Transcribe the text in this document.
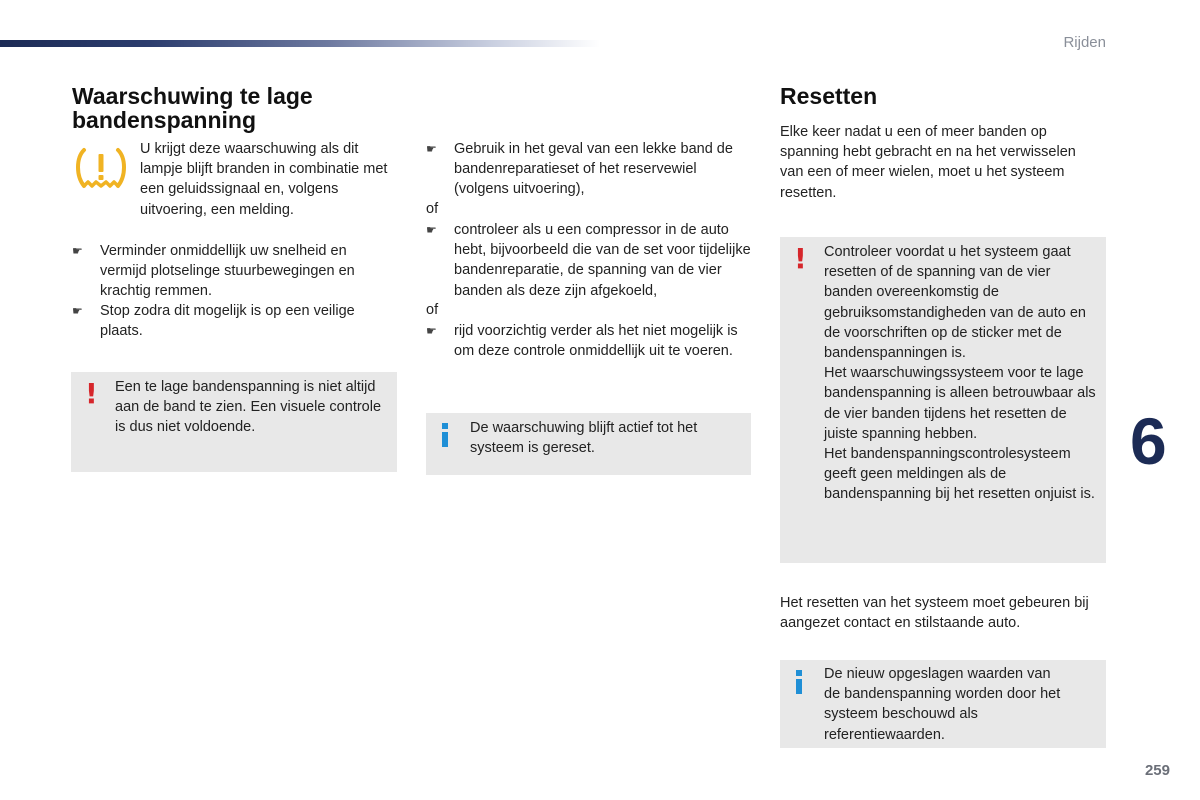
Rijden
6
259
Waarschuwing te lage bandenspanning
U krijgt deze waarschuwing als dit lampje blijft branden in combinatie met een geluidssignaal en, volgens uitvoering, een melding.
☛ Verminder onmiddellijk uw snelheid en vermijd plotselinge stuurbewegingen en krachtig remmen.
☛ Stop zodra dit mogelijk is op een veilige plaats.
! Een te lage bandenspanning is niet altijd aan de band te zien. Een visuele controle is dus niet voldoende.
☛ Gebruik in het geval van een lekke band de bandenreparatieset of het reservewiel (volgens uitvoering),
of
☛ controleer als u een compressor in de auto hebt, bijvoorbeeld die van de set voor tijdelijke bandenreparatie, de spanning van de vier banden als deze zijn afgekoeld,
of
☛ rijd voorzichtig verder als het niet mogelijk is om deze controle onmiddellijk uit te voeren.
De waarschuwing blijft actief tot het systeem is gereset.
Resetten
Elke keer nadat u een of meer banden op spanning hebt gebracht en na het verwisselen van een of meer wielen, moet u het systeem resetten.
! Controleer voordat u het systeem gaat resetten of de spanning van de vier banden overeenkomstig de gebruiksomstandigheden van de auto en de voorschriften op de sticker met de bandenspanningen is.
Het waarschuwingssysteem voor te lage bandenspanning is alleen betrouwbaar als de vier banden tijdens het resetten de juiste spanning hebben.
Het bandenspanningscontrolesysteem geeft geen meldingen als de bandenspanning bij het resetten onjuist is.
Het resetten van het systeem moet gebeuren bij aangezet contact en stilstaande auto.
De nieuw opgeslagen waarden van de bandenspanning worden door het systeem beschouwd als referentiewaarden.
